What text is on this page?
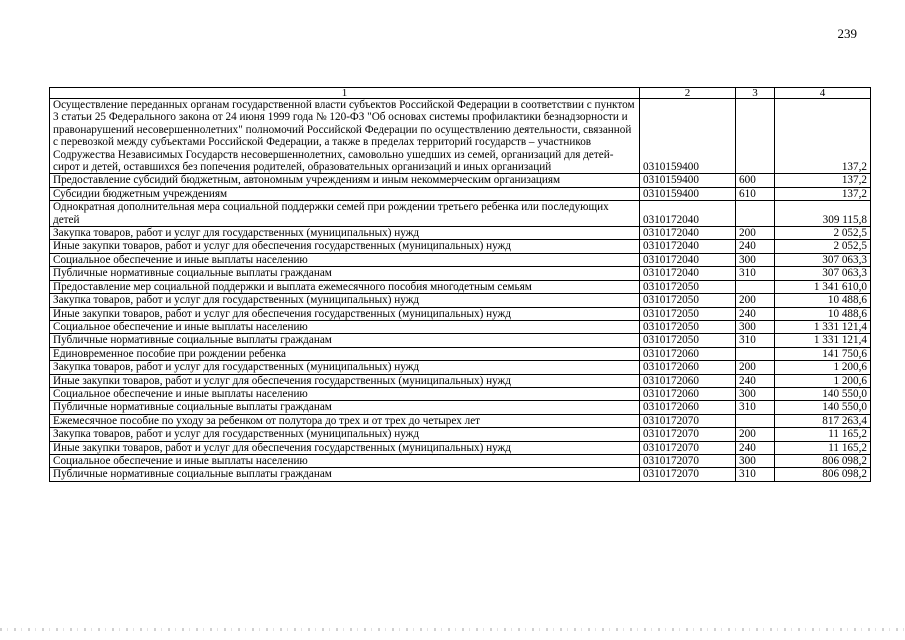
239
1	2	3	4
Осуществление переданных органам государственной власти субъектов Российской Федерации в соответствии с пунктом 3 статьи 25 Федерального закона от 24 июня 1999 года № 120-ФЗ "Об основах системы профилактики безнадзорности и правонарушений несовершеннолетних" полномочий Российской Федерации по осуществлению деятельности, связанной с перевозкой между субъектами Российской Федерации, а также в пределах территорий государств – участников Содружества Независимых Государств несовершеннолетних, самовольно ушедших из семей, организаций для детей-сирот и детей, оставшихся без попечения родителей, образовательных организаций и иных организаций	0310159400		137,2
Предоставление субсидий бюджетным, автономным учреждениям и иным некоммерческим организациям	0310159400	600	137,2
Субсидии бюджетным учреждениям	0310159400	610	137,2
Однократная дополнительная мера социальной поддержки семей при рождении третьего ребенка или последующих детей	0310172040		309 115,8
Закупка товаров, работ и услуг для государственных (муниципальных) нужд	0310172040	200	2 052,5
Иные закупки товаров, работ и услуг для обеспечения государственных (муниципальных) нужд	0310172040	240	2 052,5
Социальное обеспечение и иные выплаты населению	0310172040	300	307 063,3
Публичные нормативные социальные выплаты гражданам	0310172040	310	307 063,3
Предоставление мер социальной поддержки и выплата ежемесячного пособия многодетным семьям	0310172050		1 341 610,0
Закупка товаров, работ и услуг для государственных (муниципальных) нужд	0310172050	200	10 488,6
Иные закупки товаров, работ и услуг для обеспечения государственных (муниципальных) нужд	0310172050	240	10 488,6
Социальное обеспечение и иные выплаты населению	0310172050	300	1 331 121,4
Публичные нормативные социальные выплаты гражданам	0310172050	310	1 331 121,4
Единовременное пособие при рождении ребенка	0310172060		141 750,6
Закупка товаров, работ и услуг для государственных (муниципальных) нужд	0310172060	200	1 200,6
Иные закупки товаров, работ и услуг для обеспечения государственных (муниципальных) нужд	0310172060	240	1 200,6
Социальное обеспечение и иные выплаты населению	0310172060	300	140 550,0
Публичные нормативные социальные выплаты гражданам	0310172060	310	140 550,0
Ежемесячное пособие по уходу за ребенком от полутора до трех и от трех до четырех лет	0310172070		817 263,4
Закупка товаров, работ и услуг для государственных (муниципальных) нужд	0310172070	200	11 165,2
Иные закупки товаров, работ и услуг для обеспечения государственных (муниципальных) нужд	0310172070	240	11 165,2
Социальное обеспечение и иные выплаты населению	0310172070	300	806 098,2
Публичные нормативные социальные выплаты гражданам	0310172070	310	806 098,2
